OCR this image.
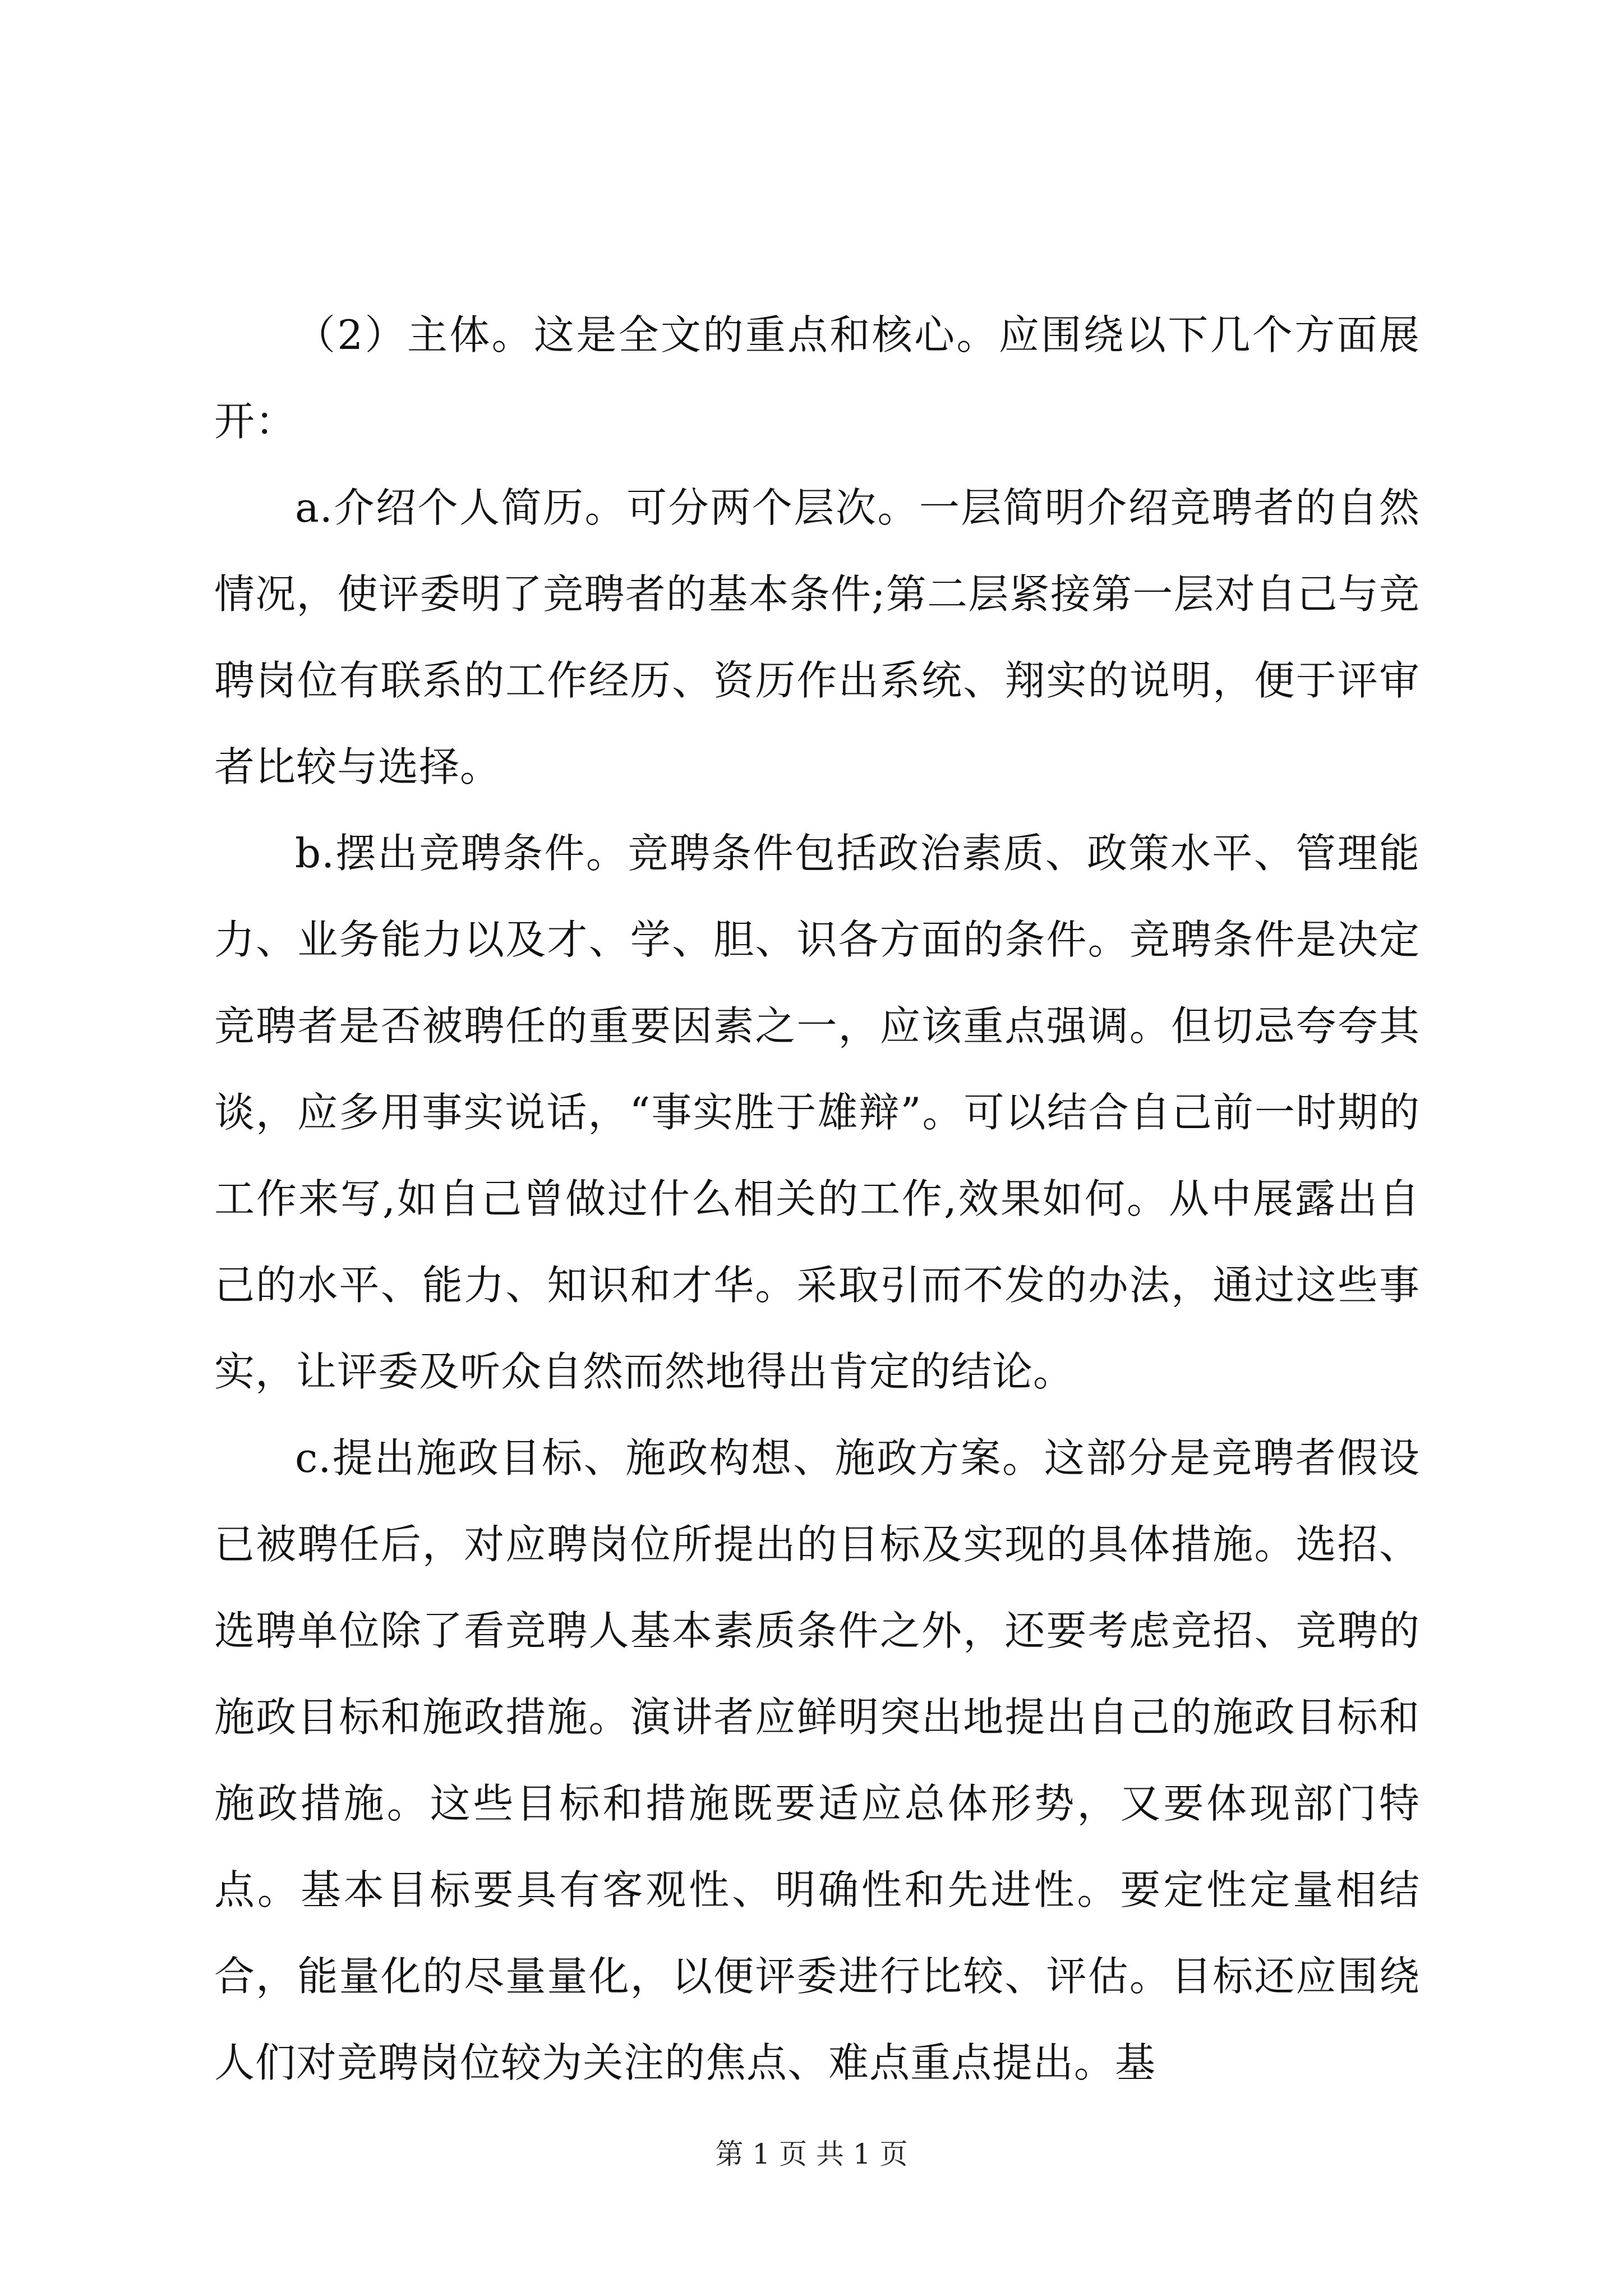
（2）主体。这是全文的重点和核心。应围绕以下几个方面展开：

a.介绍个人简历。可分两个层次。一层简明介绍竞聘者的自然情况，使评委明了竞聘者的基本条件;第二层紧接第一层对自己与竞聘岗位有联系的工作经历、资历作出系统、翔实的说明，便于评审者比较与选择。

b.摆出竞聘条件。竞聘条件包括政治素质、政策水平、管理能力、业务能力以及才、学、胆、识各方面的条件。竞聘条件是决定竞聘者是否被聘任的重要因素之一，应该重点强调。但切忌夸夸其谈，应多用事实说话，“事实胜于雄辩”。可以结合自己前一时期的工作来写,如自己曾做过什么相关的工作,效果如何。从中展露出自己的水平、能力、知识和才华。采取引而不发的办法，通过这些事实，让评委及听众自然而然地得出肯定的结论。

c.提出施政目标、施政构想、施政方案。这部分是竞聘者假设已被聘任后，对应聘岗位所提出的目标及实现的具体措施。选招、选聘单位除了看竞聘人基本素质条件之外，还要考虑竞招、竞聘的施政目标和施政措施。演讲者应鲜明突出地提出自己的施政目标和施政措施。这些目标和措施既要适应总体形势，又要体现部门特点。基本目标要具有客观性、明确性和先进性。要定性定量相结合，能量化的尽量量化，以便评委进行比较、评估。目标还应围绕人们对竞聘岗位较为关注的焦点、难点重点提出。基

第 1 页 共 1 页
